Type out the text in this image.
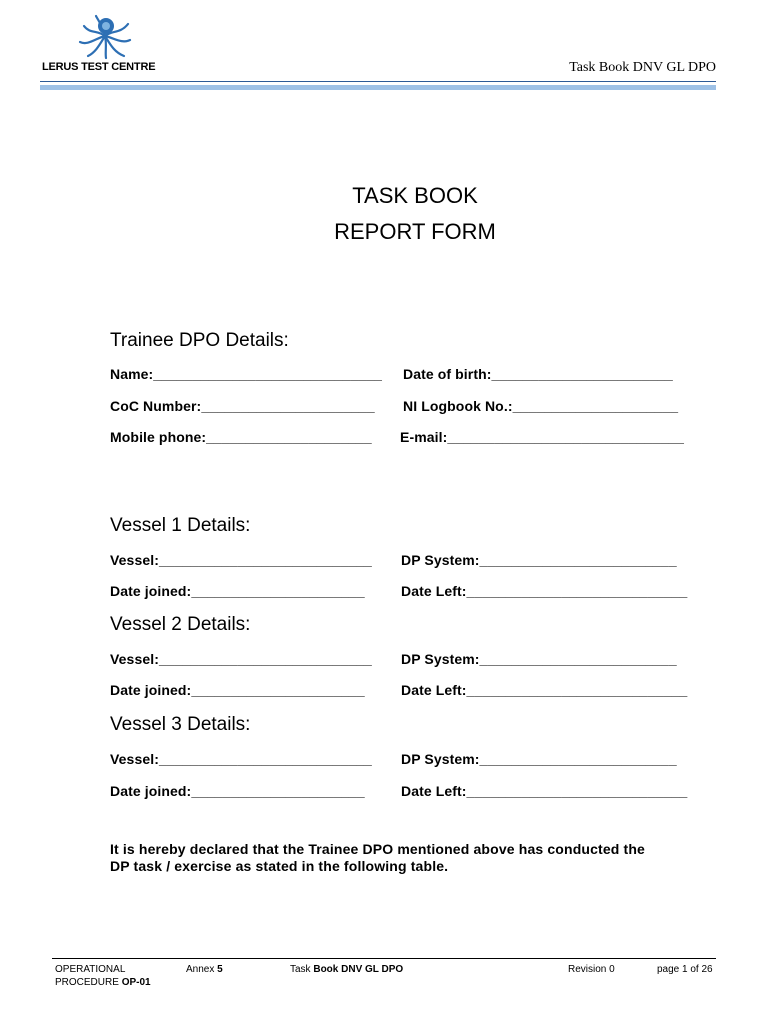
LERUS TEST CENTRE	Task Book DNV GL DPO
TASK BOOK
REPORT FORM
Trainee DPO Details:
Name:_____________________________ Date of birth:_______________________
CoC Number:______________________ NI Logbook No.:_____________________
Mobile phone:_____________________ E-mail:______________________________
Vessel 1 Details:
Vessel:___________________________ DP System:_________________________
Date joined:______________________	Date Left:____________________________
Vessel 2 Details:
Vessel:___________________________ DP System:_________________________
Date joined:______________________	Date Left:____________________________
Vessel 3 Details:
Vessel:___________________________ DP System:_________________________
Date joined:______________________	Date Left:____________________________
It is hereby declared that the Trainee DPO mentioned above has conducted the
DP task / exercise as stated in the following table.
OPERATIONAL
PROCEDURE OP-01
Annex 5	Task Book DNV GL DPO	Revision 0	page 1 of 26
